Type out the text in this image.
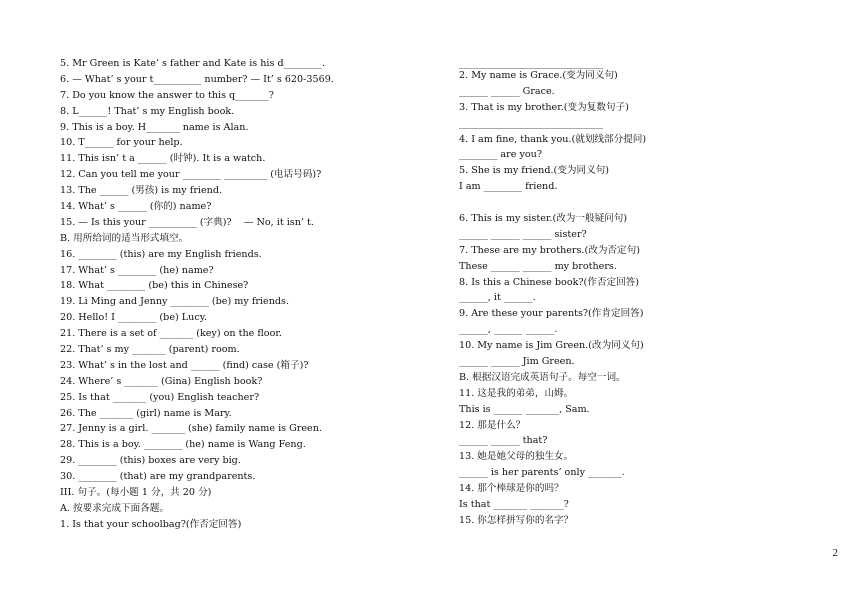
5. Mr Green is Kate’ s father and Kate is his d________.
6. — What’ s your t__________ number? — It’ s 620-3569.
7. Do you know the answer to this q_______?
8. L______! That’ s my English book.
9. This is a boy. H_______ name is Alan.
10. T______ for your help.
11. This isn’ t a ______ (时钟). It is a watch.
12. Can you tell me your ________ _________ (电话号码)?
13. The ______ (男孩) is my friend.
14. What’ s ______ (你的) name?
15. — Is this your __________ (字典)?    — No, it isn’ t.
B. 用所给词的适当形式填空。
16. ________ (this) are my English friends.
17. What’ s ________ (he) name?
18. What ________ (be) this in Chinese?
19. Li Ming and Jenny ________ (be) my friends.
20. Hello! I ________ (be) Lucy.
21. There is a set of _______ (key) on the floor.
22. That’ s my _______ (parent) room.
23. What’ s in the lost and ______ (find) case (箱子)?
24. Where’ s _______ (Gina) English book?
25. Is that _______ (you) English teacher?
26. The _______ (girl) name is Mary.
27. Jenny is a girl. _______ (she) family name is Green.
28. This is a boy. ________ (he) name is Wang Feng.
29. ________ (this) boxes are very big.
30. ________ (that) are my grandparents.
III. 句子。(每小题 1 分，共 20 分)
A. 按要求完成下面各题。
1. Is that your schoolbag?(作否定回答)
______________________________
2. My name is Grace.(变为同义句)
______ ______ Grace.
3. That is my brother.(变为复数句子)
______________________________
4. I am fine, thank you.(就划线部分提问)
________ are you?
5. She is my friend.(变为同义句)
I am ________ friend.
6. This is my sister.(改为一般疑问句)
______ ______ ______ sister?
7. These are my brothers.(改为否定句)
These ______ ______ my brothers.
8. Is this a Chinese book?(作否定回答)
______, it ______.
9. Are these your parents?(作肯定回答)
______, ______ ______.
10. My name is Jim Green.(改为同义句)
______ ______ Jim Green.
B. 根据汉语完成英语句子。每空一词。
11. 这是我的弟弟，山姆。
This is ______ _______, Sam.
12. 那是什么？
______ ______ that?
13. 她是她父母的独生女。
______ is her parents’ only _______.
14. 那个棒球是你的吗？
Is that _______ _______?
15. 你怎样拼写你的名字？
2
